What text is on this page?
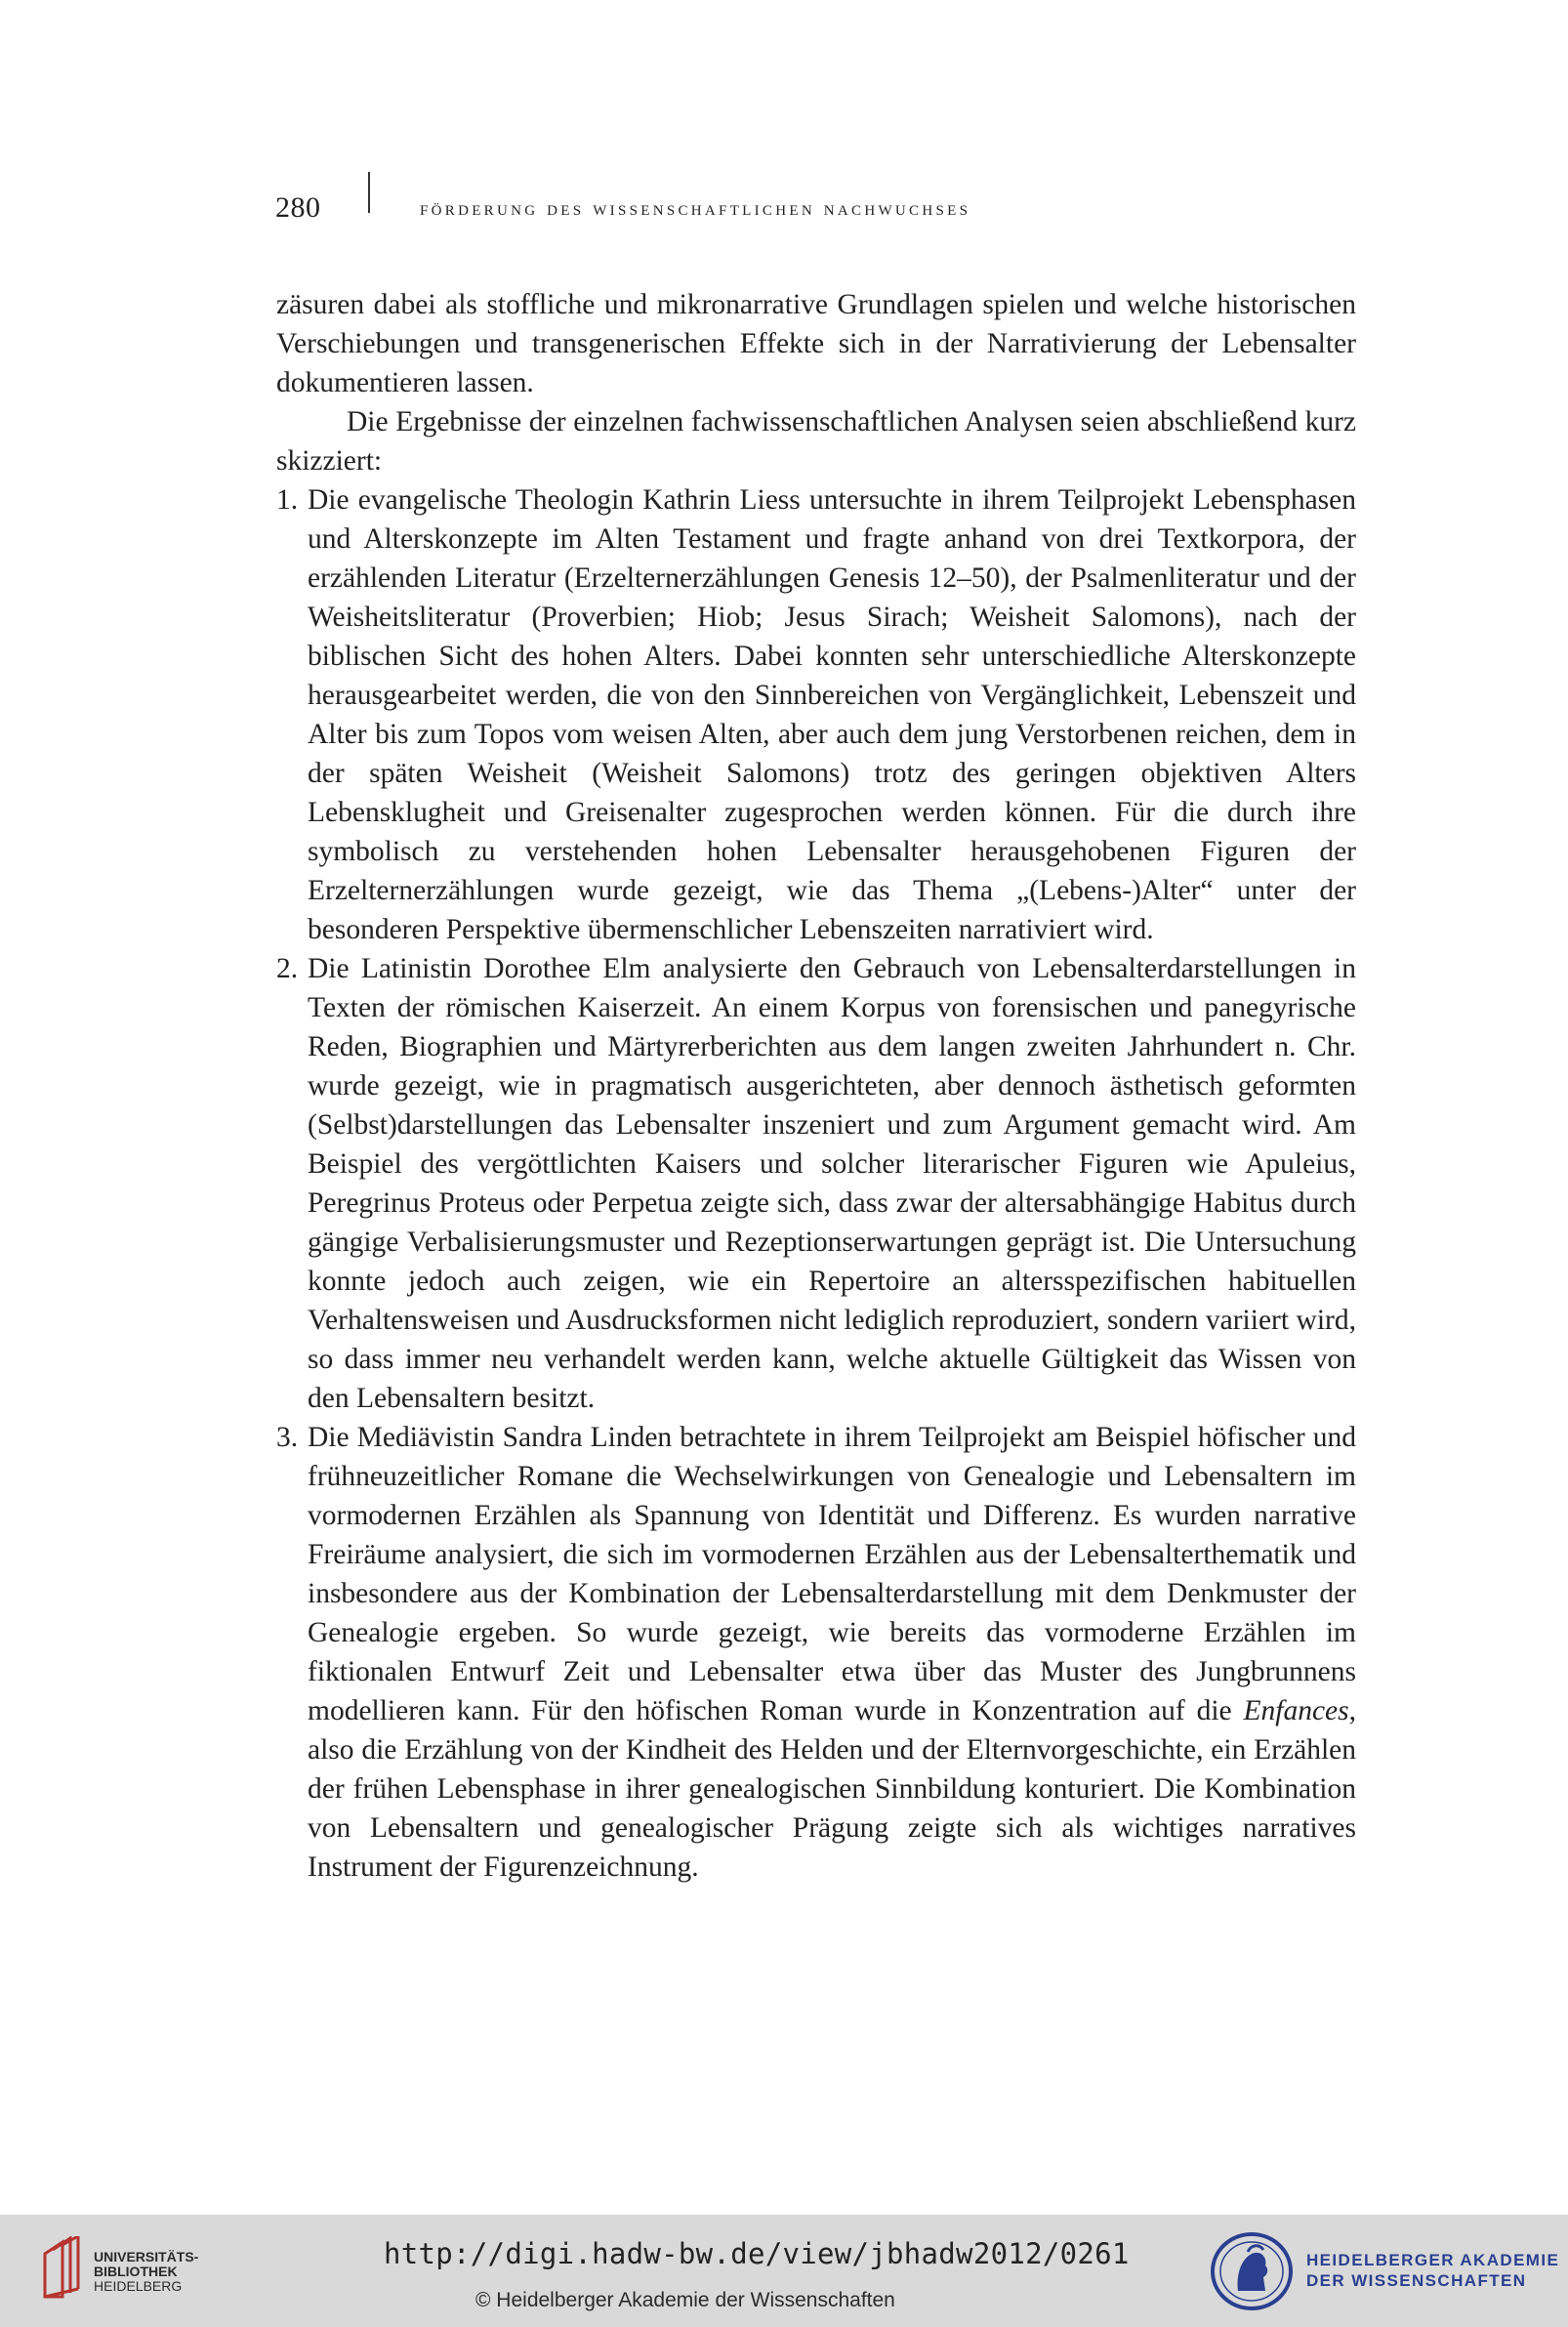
280	förderung des wissenschaftlichen nachwuchses

zäsuren dabei als stoffliche und mikronarrative Grundlagen spielen und welche historischen Verschiebungen und transgenerischen Effekte sich in der Narrativierung der Lebensalter dokumentieren lassen.

Die Ergebnisse der einzelnen fachwissenschaftlichen Analysen seien abschließend kurz skizziert:

1. Die evangelische Theologin Kathrin Liess untersuchte in ihrem Teilprojekt Lebensphasen und Alterskonzepte im Alten Testament und fragte anhand von drei Textkorpora, der erzählenden Literatur (Erzelternerzählungen Genesis 12–50), der Psalmenliteratur und der Weisheitsliteratur (Proverbien; Hiob; Jesus Sirach; Weisheit Salomons), nach der biblischen Sicht des hohen Alters. Dabei konnten sehr unterschiedliche Alterskonzepte herausgearbeitet werden, die von den Sinnbereichen von Vergänglichkeit, Lebenszeit und Alter bis zum Topos vom weisen Alten, aber auch dem jung Verstorbenen reichen, dem in der späten Weisheit (Weisheit Salomons) trotz des geringen objektiven Alters Lebensklugheit und Greisenalter zugesprochen werden können. Für die durch ihre symbolisch zu verstehenden hohen Lebensalter herausgehobenen Figuren der Erzelternerzählungen wurde gezeigt, wie das Thema „(Lebens-)Alter“ unter der besonderen Perspektive übermenschlicher Lebenszeiten narrativiert wird.
2. Die Latinistin Dorothee Elm analysierte den Gebrauch von Lebensalterdarstellungen in Texten der römischen Kaiserzeit. An einem Korpus von forensischen und panegyrische Reden, Biographien und Märtyrerberichten aus dem langen zweiten Jahrhundert n. Chr. wurde gezeigt, wie in pragmatisch ausgerichteten, aber dennoch ästhetisch geformten (Selbst)darstellungen das Lebensalter inszeniert und zum Argument gemacht wird. Am Beispiel des vergöttlichten Kaisers und solcher literarischer Figuren wie Apuleius, Peregrinus Proteus oder Perpetua zeigte sich, dass zwar der altersabhängige Habitus durch gängige Verbalisierungsmuster und Rezeptionserwartungen geprägt ist. Die Untersuchung konnte jedoch auch zeigen, wie ein Repertoire an altersspezifischen habituellen Verhaltensweisen und Ausdrucksformen nicht lediglich reproduziert, sondern variiert wird, so dass immer neu verhandelt werden kann, welche aktuelle Gültigkeit das Wissen von den Lebensaltern besitzt.
3. Die Mediävistin Sandra Linden betrachtete in ihrem Teilprojekt am Beispiel höfischer und frühneuzeitlicher Romane die Wechselwirkungen von Genealogie und Lebensaltern im vormodernen Erzählen als Spannung von Identität und Differenz. Es wurden narrative Freiräume analysiert, die sich im vormodernen Erzählen aus der Lebensalterthematik und insbesondere aus der Kombination der Lebensalterdarstellung mit dem Denkmuster der Genealogie ergeben. So wurde gezeigt, wie bereits das vormoderne Erzählen im fiktionalen Entwurf Zeit und Lebensalter etwa über das Muster des Jungbrunnens modellieren kann. Für den höfischen Roman wurde in Konzentration auf die Enfances, also die Erzählung von der Kindheit des Helden und der Elternvorgeschichte, ein Erzählen der frühen Lebensphase in ihrer genealogischen Sinnbildung konturiert. Die Kombination von Lebensaltern und genealogischer Prägung zeigte sich als wichtiges narratives Instrument der Figurenzeichnung.
UNIVERSITÄTS-
BIBLIOTHEK
HEIDELBERG
http://digi.hadw-bw.de/view/jbhadw2012/0261
© Heidelberger Akademie der Wissenschaften
HEIDELBERGER AKADEMIE
DER WISSENSCHAFTEN
